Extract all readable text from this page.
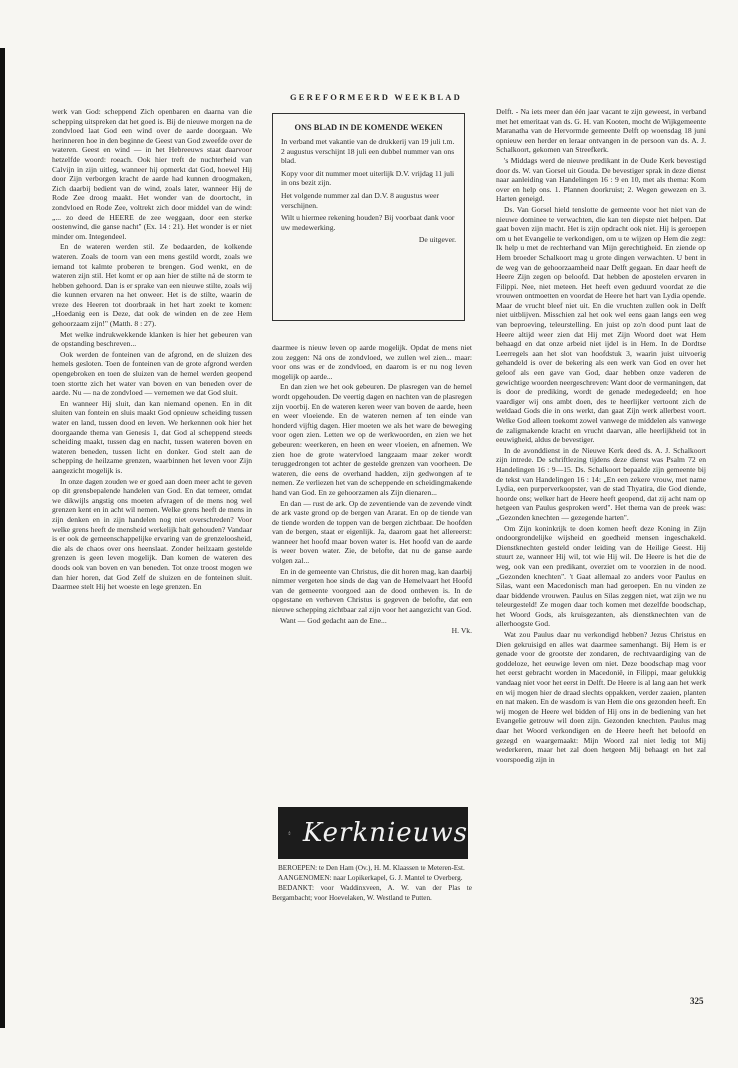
GEREFORMEERD WEEKBLAD

werk van God: scheppend Zich openbaren en daarna van die schepping uitspreken dat het goed is. Bij de nieuwe morgen na de zondvloed laat God een wind over de aarde doorgaan. We herinneren hoe in den beginne de Geest van God zweefde over de wateren. Geest en wind — in het Hebreeuws staat daarvoor hetzelfde woord: roeach. Ook hier treft de nuchterheid van Calvijn in zijn uitleg, wanneer hij opmerkt dat God, hoewel Hij door Zijn verborgen kracht de aarde had kunnen droogmaken, Zich daarbij bedient van de wind, zoals later, wanneer Hij de Rode Zee droog maakt. Het wonder van de doortocht, in zondvloed en Rode Zee, voltrekt zich door middel van de wind: „... zo deed de HEERE de zee weggaan, door een sterke oostenwind, die ganse nacht" (Ex. 14 : 21). Het wonder is er niet minder om. Integendeel.

En de wateren werden stil. Ze bedaarden, de kolkende wateren. Zoals de toorn van een mens gestild wordt, zoals we iemand tot kalmte proberen te brengen. God wenkt, en de wateren zijn stil. Het komt er op aan hier de stilte ná de storm te hebben gehoord. Dan is er sprake van een nieuwe stilte, zoals wij die kunnen ervaren na het onweer. Het is de stilte, waarin de vreze des Heeren tot doorbraak in het hart zoekt te komen: „Hoedanig een is Deze, dat ook de winden en de zee Hem gehoorzaam zijn!" (Matth. 8 : 27).

Met welke indrukwekkende klanken is hier het gebeuren van de opstanding beschreven...

Ook werden de fonteinen van de afgrond, en de sluizen des hemels gesloten. Toen de fonteinen van de grote afgrond werden opengebroken en toen de sluizen van de hemel werden geopend toen stortte zich het water van boven en van beneden over de aarde. Nu — na de zondvloed — vernemen we dat God sluit.

En wanneer Hij sluit, dan kan niemand openen. En in dit sluiten van fontein en sluis maakt God opnieuw scheiding tussen water en land, tussen dood en leven. We herkennen ook hier het doorgaande thema van Genesis 1, dat God al scheppend steeds scheiding maakt, tussen dag en nacht, tussen wateren boven en wateren beneden, tussen licht en donker. God stelt aan de schepping de heilzame grenzen, waarbinnen het leven voor Zijn aangezicht mogelijk is.

In onze dagen zouden we er goed aan doen meer acht te geven op dit grensbepalende handelen van God. En dat temeer, omdat we dikwijls angstig ons moeten afvragen of de mens nog wel grenzen kent en in acht wil nemen. Welke grens heeft de mens in zijn denken en in zijn handelen nog niet overschreden? Voor welke grens heeft de mensheid werkelijk halt gehouden? Vandaar is er ook de gemeenschappelijke ervaring van de grenzeloosheid, die als de chaos over ons heenslaat. Zonder heilzaam gestelde grenzen is geen leven mogelijk. Dan komen de wateren des doods ook van boven en van beneden. Tot onze troost mogen we dan hier horen, dat God Zelf de sluizen en de fonteinen sluit. Daarmee stelt Hij het woeste en lege grenzen. En

ONS BLAD IN DE KOMENDE WEKEN

In verband met vakantie van de drukkerij van 19 juli t.m. 2 augustus verschijnt 18 juli een dubbel nummer van ons blad.

Kopy voor dit nummer moet uiterlijk D.V. vrijdag 11 juli in ons bezit zijn.

Het volgende nummer zal dan D.V. 8 augustus weer verschijnen.

Wilt u hiermee rekening houden? Bij voorbaat dank voor uw medewerking.

De uitgever.

daarmee is nieuw leven op aarde mogelijk. Opdat de mens niet zou zeggen: Ná ons de zondvloed, we zullen wel zien... maar: voor ons was er de zondvloed, en daarom is er nu nog leven mogelijk op aarde...

En dan zien we het ook gebeuren. De plasregen van de hemel wordt opgehouden. De veertig dagen en nachten van de plasregen zijn voorbij. En de wateren keren weer van boven de aarde, heen en weer vloeiende. En de wateren nemen af ten einde van honderd vijftig dagen. Hier moeten we als het ware de beweging voor ogen zien. Letten we op de werkwoorden, en zien we het gebeuren: weerkeren, en heen en weer vloeien, en afnemen. We zien hoe de grote watervloed langzaam maar zeker wordt teruggedrongen tot achter de gestelde grenzen van voorheen. De wateren, die eens de overhand hadden, zijn gedwongen af te nemen. Ze verliezen het van de scheppende en scheidingmakende hand van God. En ze gehoorzamen als Zijn dienaren...

En dan — rust de ark. Op de zeventiende van de zevende vindt de ark vaste grond op de bergen van Ararat. En op de tiende van de tiende worden de toppen van de bergen zichtbaar. De hoofden van de bergen, staat er eigenlijk. Ja, daarom gaat het allereerst: wanneer het hoofd maar boven water is. Het hoofd van de aarde is weer boven water. Zie, de belofte, dat nu de ganse aarde volgen zal...

En in de gemeente van Christus, die dit horen mag, kan daarbij nimmer vergeten hoe sinds de dag van de Hemelvaart het Hoofd van de gemeente voorgoed aan de dood ontheven is. In de opgestane en verheven Christus is gegeven de belofte, dat een nieuwe schepping zichtbaar zal zijn voor het aangezicht van God.

Want — God gedacht aan de Ene...

H. Vk.
Kerknieuws

BEROEPEN: te Den Ham (Ov.), H. M. Klaassen te Meteren-Est.

AANGENOMEN: naar Lopikerkapel, G. J. Mantel te Overberg.

BEDANKT: voor Waddinxveen, A. W. van der Plas te Bergambacht; voor Hoevelaken, W. Westland te Putten.

Delft. - Na iets meer dan één jaar vacant te zijn geweest, in verband met het emeritaat van ds. G. H. van Kooten, mocht de Wijkgemeente Maranatha van de Hervormde gemeente Delft op woensdag 18 juni opnieuw een herder en leraar ontvangen in de persoon van ds. A. J. Schalkoort, gekomen van Streefkerk.

's Middags werd de nieuwe predikant in de Oude Kerk bevestigd door ds. W. van Gorsel uit Gouda. De bevestiger sprak in deze dienst naar aanleiding van Handelingen 16 : 9 en 10, met als thema: Kom over en help ons. 1. Plannen doorkruist; 2. Wegen gewezen en 3. Harten geneigd.

Ds. Van Gorsel hield tenslotte de gemeente voor het niet van de nieuwe dominee te verwachten, die kan ten diepste niet helpen. Dat gaat boven zijn macht. Het is zijn opdracht ook niet. Hij is geroepen om u het Evangelie te verkondigen, om u te wijzen op Hem die zegt: Ik help u met de rechterhand van Mijn gerechtigheid. En ziende op Hem broeder Schalkoort mag u grote dingen verwachten. U bent in de weg van de gehoorzaamheid naar Delft gegaan. En daar heeft de Heere Zijn zegen op beloofd. Dat hebben de apostelen ervaren in Filippi. Nee, niet meteen. Het heeft even geduurd voordat ze die vrouwen ontmoetten en voordat de Heere het hart van Lydia opende. Maar de vrucht bleef niet uit. En die vruchten zullen ook in Delft niet uitblijven. Misschien zal het ook wel eens gaan langs een weg van beproeving, teleurstelling. En juist op zo'n dood punt laat de Heere altijd weer zien dat Hij met Zijn Woord doet wat Hem behaagd en dat onze arbeid niet ijdel is in Hem. In de Dordtse Leerregels aan het slot van hoofdstuk 3, waarin juist uitvoerig gehandeld is over de bekering als een werk van God en over het geloof als een gave van God, daar hebben onze vaderen de gewichtige woorden neergeschreven: Want door de vermaningen, dat is door de prediking, wordt de genade medegedeeld; en hoe vaardiger wij ons ambt doen, des te heerlijker vertoont zich de weldaad Gods die in ons werkt, dan gaat Zijn werk allerbest voort. Welke God alleen toekomt zowel vanwege de middelen als vanwege de zaligmakende kracht en vrucht daarvan, alle heerlijkheid tot in eeuwigheid, aldus de bevestiger.

In de avonddienst in de Nieuwe Kerk deed ds. A. J. Schalkoort zijn intrede. De schriftlezing tijdens deze dienst was Psalm 72 en Handelingen 16 : 9—15. Ds. Schalkoort bepaalde zijn gemeente bij de tekst van Handelingen 16 : 14: „En een zekere vrouw, met name Lydia, een purperverkoopster, van de stad Thyatira, die God diende, hoorde ons; welker hart de Heere heeft geopend, dat zij acht nam op hetgeen van Paulus gesproken werd". Het thema van de preek was: „Gezonden knechten — gezegende harten".

Om Zijn koninkrijk te doen komen heeft deze Koning in Zijn ondoorgrondelijke wijsheid en goedheid mensen ingeschakeld. Dienstknechten gesteld onder leiding van de Heilige Geest. Hij stuurt ze, wanneer Hij wil, tot wie Hij wil. De Heere is het die de weg, ook van een predikant, overziet om te voorzien in de nood. „Gezonden knechten". 't Gaat allemaal zo anders voor Paulus en Silas, want een Macedonisch man had geroepen. En nu vinden ze daar biddende vrouwen. Paulus en Silas zeggen niet, wat zijn we nu teleurgesteld! Ze mogen daar toch komen met dezelfde boodschap, het Woord Gods, als kruisgezanten, als dienstknechten van de allerhoogste God.

Wat zou Paulus daar nu verkondigd hebben? Jezus Christus en Dien gekruisigd en alles wat daarmee samenhangt. Bij Hem is er genade voor de grootste der zondaren, de rechtvaardiging van de goddeloze, het eeuwige leven om niet. Deze boodschap mag voor het eerst gebracht worden in Macedonië, in Filippi, maar gelukkig vandaag niet voor het eerst in Delft. De Heere is al lang aan het werk en wij mogen hier de draad slechts oppakken, verder zaaien, planten en nat maken. En de wasdom is van Hem die ons gezonden heeft. En wij mogen de Heere wel bidden of Hij ons in de bediening van het Evangelie getrouw wil doen zijn. Gezonden knechten. Paulus mag daar het Woord verkondigen en de Heere heeft het beloofd en gezegd en waargemaakt: Mijn Woord zal niet ledig tot Mij wederkeren, maar het zal doen hetgeen Mij behaagt en het zal voorspoedig zijn in

325
